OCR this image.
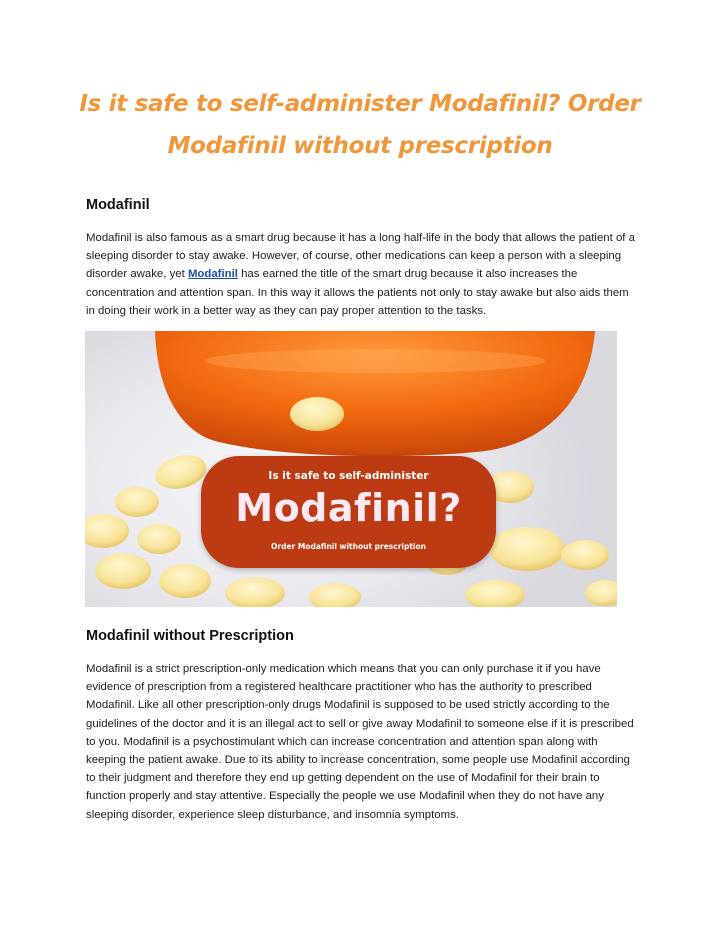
Is it safe to self-administer Modafinil? Order Modafinil without prescription
Modafinil
Modafinil is also famous as a smart drug because it has a long half-life in the body that allows the patient of a sleeping disorder to stay awake. However, of course, other medications can keep a person with a sleeping disorder awake, yet Modafinil has earned the title of the smart drug because it also increases the concentration and attention span. In this way it allows the patients not only to stay awake but also aids them in doing their work in a better way as they can pay proper attention to the tasks.
Is it safe to self-administer
Modafinil?
Order Modafinil without prescription
Modafinil without Prescription
Modafinil is a strict prescription-only medication which means that you can only purchase it if you have evidence of prescription from a registered healthcare practitioner who has the authority to prescribed Modafinil. Like all other prescription-only drugs Modafinil is supposed to be used strictly according to the guidelines of the doctor and it is an illegal act to sell or give away Modafinil to someone else if it is prescribed to you. Modafinil is a psychostimulant which can increase concentration and attention span along with keeping the patient awake. Due to its ability to increase concentration, some people use Modafinil according to their judgment and therefore they end up getting dependent on the use of Modafinil for their brain to function properly and stay attentive. Especially the people we use Modafinil when they do not have any sleeping disorder, experience sleep disturbance, and insomnia symptoms.
